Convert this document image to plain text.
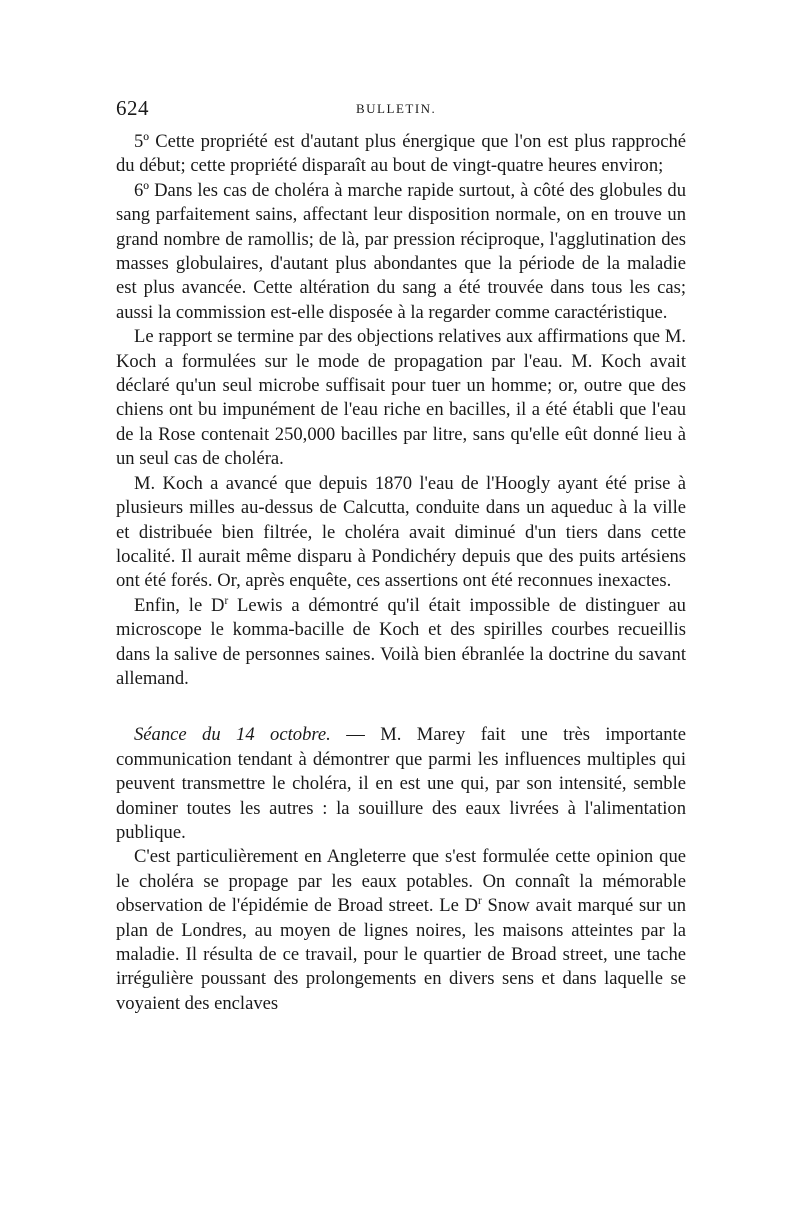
624	BULLETIN.

5º Cette propriété est d'autant plus énergique que l'on est plus rapproché du début; cette propriété disparaît au bout de vingt-quatre heures environ;

6º Dans les cas de choléra à marche rapide surtout, à côté des globules du sang parfaitement sains, affectant leur disposition normale, on en trouve un grand nombre de ramollis; de là, par pression réciproque, l'agglutination des masses globulaires, d'autant plus abondantes que la période de la maladie est plus avancée. Cette altération du sang a été trouvée dans tous les cas; aussi la commission est-elle disposée à la regarder comme caractéristique.

Le rapport se termine par des objections relatives aux affirmations que M. Koch a formulées sur le mode de propagation par l'eau. M. Koch avait déclaré qu'un seul microbe suffisait pour tuer un homme; or, outre que des chiens ont bu impunément de l'eau riche en bacilles, il a été établi que l'eau de la Rose contenait 250,000 bacilles par litre, sans qu'elle eût donné lieu à un seul cas de choléra.

M. Koch a avancé que depuis 1870 l'eau de l'Hoogly ayant été prise à plusieurs milles au-dessus de Calcutta, conduite dans un aqueduc à la ville et distribuée bien filtrée, le choléra avait diminué d'un tiers dans cette localité. Il aurait même disparu à Pondichéry depuis que des puits artésiens ont été forés. Or, après enquête, ces assertions ont été reconnues inexactes.

Enfin, le $D^r$ Lewis a démontré qu'il était impossible de distinguer au microscope le komma-bacille de Koch et des spirilles courbes recueillis dans la salive de personnes saines. Voilà bien ébranlée la doctrine du savant allemand.

Séance du 14 octobre. — M. Marey fait une très importante communication tendant à démontrer que parmi les influences multiples qui peuvent transmettre le choléra, il en est une qui, par son intensité, semble dominer toutes les autres : la souillure des eaux livrées à l'alimentation publique.

C'est particulièrement en Angleterre que s'est formulée cette opinion que le choléra se propage par les eaux potables. On connaît la mémorable observation de l'épidémie de Broad street. Le $D^r$ Snow avait marqué sur un plan de Londres, au moyen de lignes noires, les maisons atteintes par la maladie. Il résulta de ce travail, pour le quartier de Broad street, une tache irrégulière poussant des prolongements en divers sens et dans laquelle se voyaient des enclaves
